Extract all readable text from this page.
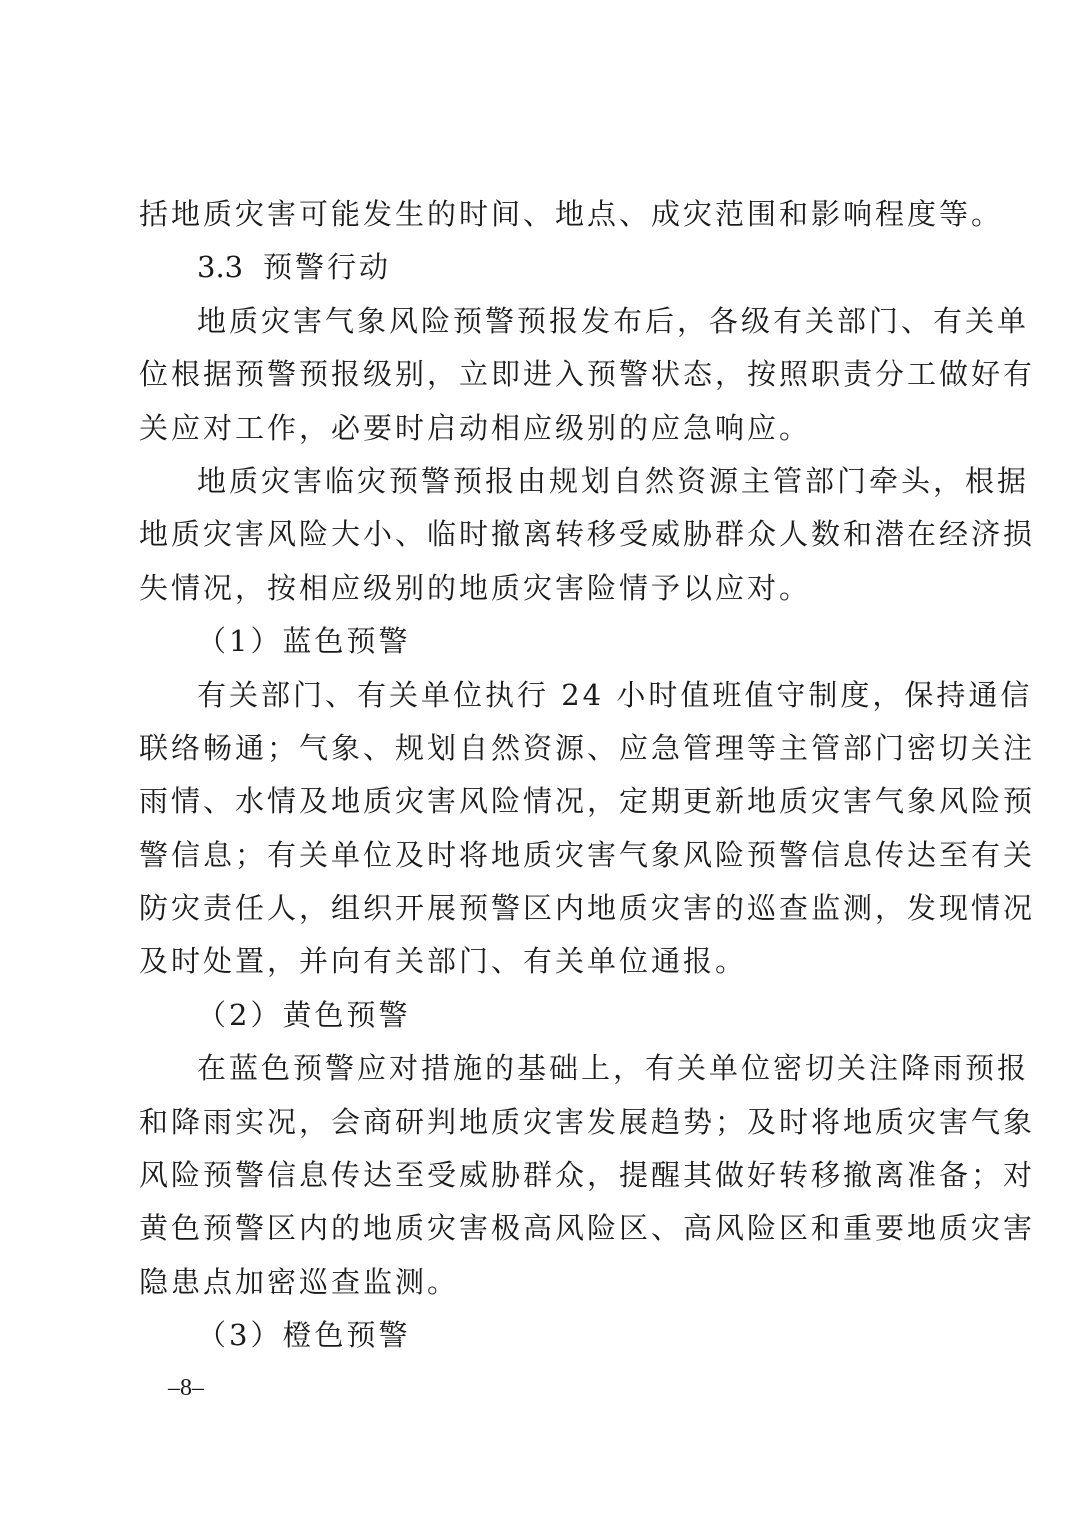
括地质灾害可能发生的时间、地点、成灾范围和影响程度等。
3.3 预警行动
地质灾害气象风险预警预报发布后，各级有关部门、有关单
位根据预警预报级别，立即进入预警状态，按照职责分工做好有
关应对工作，必要时启动相应级别的应急响应。
地质灾害临灾预警预报由规划自然资源主管部门牵头，根据
地质灾害风险大小、临时撤离转移受威胁群众人数和潜在经济损
失情况，按相应级别的地质灾害险情予以应对。
（1）蓝色预警
有关部门、有关单位执行 24 小时值班值守制度，保持通信
联络畅通；气象、规划自然资源、应急管理等主管部门密切关注
雨情、水情及地质灾害风险情况，定期更新地质灾害气象风险预
警信息；有关单位及时将地质灾害气象风险预警信息传达至有关
防灾责任人，组织开展预警区内地质灾害的巡查监测，发现情况
及时处置，并向有关部门、有关单位通报。
（2）黄色预警
在蓝色预警应对措施的基础上，有关单位密切关注降雨预报
和降雨实况，会商研判地质灾害发展趋势；及时将地质灾害气象
风险预警信息传达至受威胁群众，提醒其做好转移撤离准备；对
黄色预警区内的地质灾害极高风险区、高风险区和重要地质灾害
隐患点加密巡查监测。
（3）橙色预警
–8–
